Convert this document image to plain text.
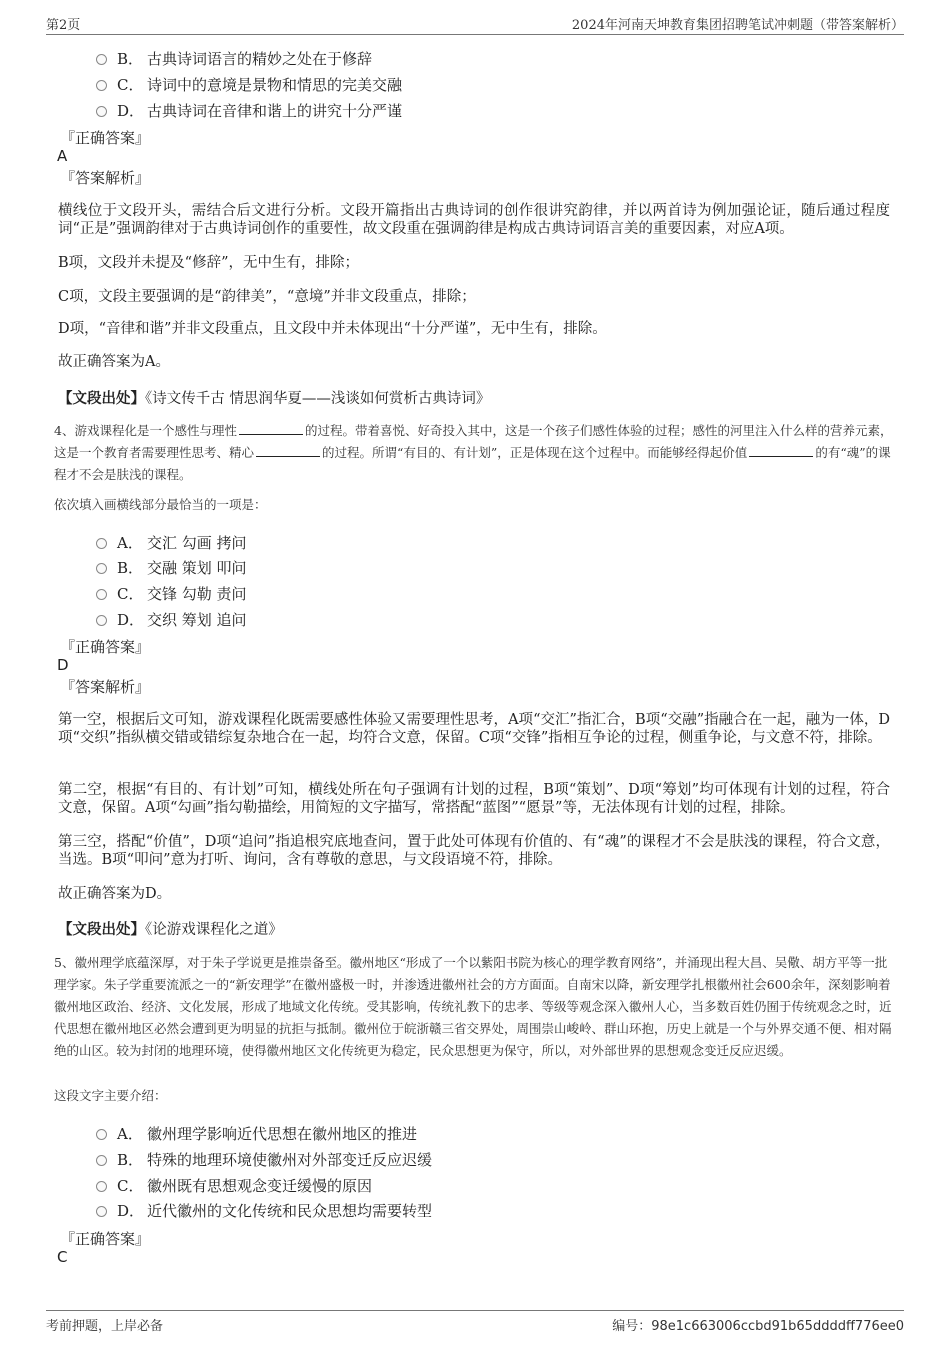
第2页	2024年河南天坤教育集团招聘笔试冲刺题（带答案解析）
B． 古典诗词语言的精妙之处在于修辞
C． 诗词中的意境是景物和情思的完美交融
D． 古典诗词在音律和谐上的讲究十分严谨
『正确答案』
A
『答案解析』
横线位于文段开头，需结合后文进行分析。文段开篇指出古典诗词的创作很讲究韵律，并以两首诗为例加强论证，随后通过程度词“正是”强调韵律对于古典诗词创作的重要性，故文段重在强调韵律是构成古典诗词语言美的重要因素，对应A项。
B项，文段并未提及“修辞”，无中生有，排除；
C项，文段主要强调的是“韵律美”，“意境”并非文段重点，排除；
D项，“音律和谐”并非文段重点，且文段中并未体现出“十分严谨”，无中生有，排除。
故正确答案为A。
【文段出处】《诗文传千古 情思润华夏——浅谈如何赏析古典诗词》
4、游戏课程化是一个感性与理性	的过程。带着喜悦、好奇投入其中，这是一个孩子们感性体验的过程；感性的河里注入什么样的营养元素，这是一个教育者需要理性思考、精心	的过程。所谓“有目的、有计划”，正是体现在这个过程中。而能够经得起价值	的有“魂”的课程才不会是肤浅的课程。
依次填入画横线部分最恰当的一项是：
A． 交汇 勾画 拷问
B． 交融 策划 叩问
C． 交锋 勾勒 责问
D． 交织 筹划 追问
『正确答案』
D
『答案解析』
第一空，根据后文可知，游戏课程化既需要感性体验又需要理性思考，A项“交汇”指汇合，B项“交融”指融合在一起，融为一体，D项“交织”指纵横交错或错综复杂地合在一起，均符合文意，保留。C项“交锋”指相互争论的过程，侧重争论，与文意不符，排除。
第二空，根据“有目的、有计划”可知，横线处所在句子强调有计划的过程，B项“策划”、D项“筹划”均可体现有计划的过程，符合文意，保留。A项“勾画”指勾勒描绘，用简短的文字描写，常搭配“蓝图”“愿景”等，无法体现有计划的过程，排除。
第三空，搭配“价值”，D项“追问”指追根究底地查问，置于此处可体现有价值的、有“魂”的课程才不会是肤浅的课程，符合文意，当选。B项“叩问”意为打听、询问，含有尊敬的意思，与文段语境不符，排除。
故正确答案为D。
【文段出处】《论游戏课程化之道》
5、徽州理学底蕴深厚，对于朱子学说更是推崇备至。徽州地区“形成了一个以紫阳书院为核心的理学教育网络”，并涌现出程大昌、吴儆、胡方平等一批理学家。朱子学重要流派之一的“新安理学”在徽州盛极一时，并渗透进徽州社会的方方面面。自南宋以降，新安理学扎根徽州社会600余年，深刻影响着徽州地区政治、经济、文化发展，形成了地域文化传统。受其影响，传统礼教下的忠孝、等级等观念深入徽州人心，当多数百姓仍囿于传统观念之时，近代思想在徽州地区必然会遭到更为明显的抗拒与抵制。徽州位于皖浙赣三省交界处，周围崇山峻岭、群山环抱，历史上就是一个与外界交通不便、相对隔绝的山区。较为封闭的地理环境，使得徽州地区文化传统更为稳定，民众思想更为保守，所以，对外部世界的思想观念变迁反应迟缓。
这段文字主要介绍：
A． 徽州理学影响近代思想在徽州地区的推进
B． 特殊的地理环境使徽州对外部变迁反应迟缓
C． 徽州既有思想观念变迁缓慢的原因
D． 近代徽州的文化传统和民众思想均需要转型
『正确答案』
C
考前押题，上岸必备	编号：98e1c663006ccbd91b65ddddff776ee0
